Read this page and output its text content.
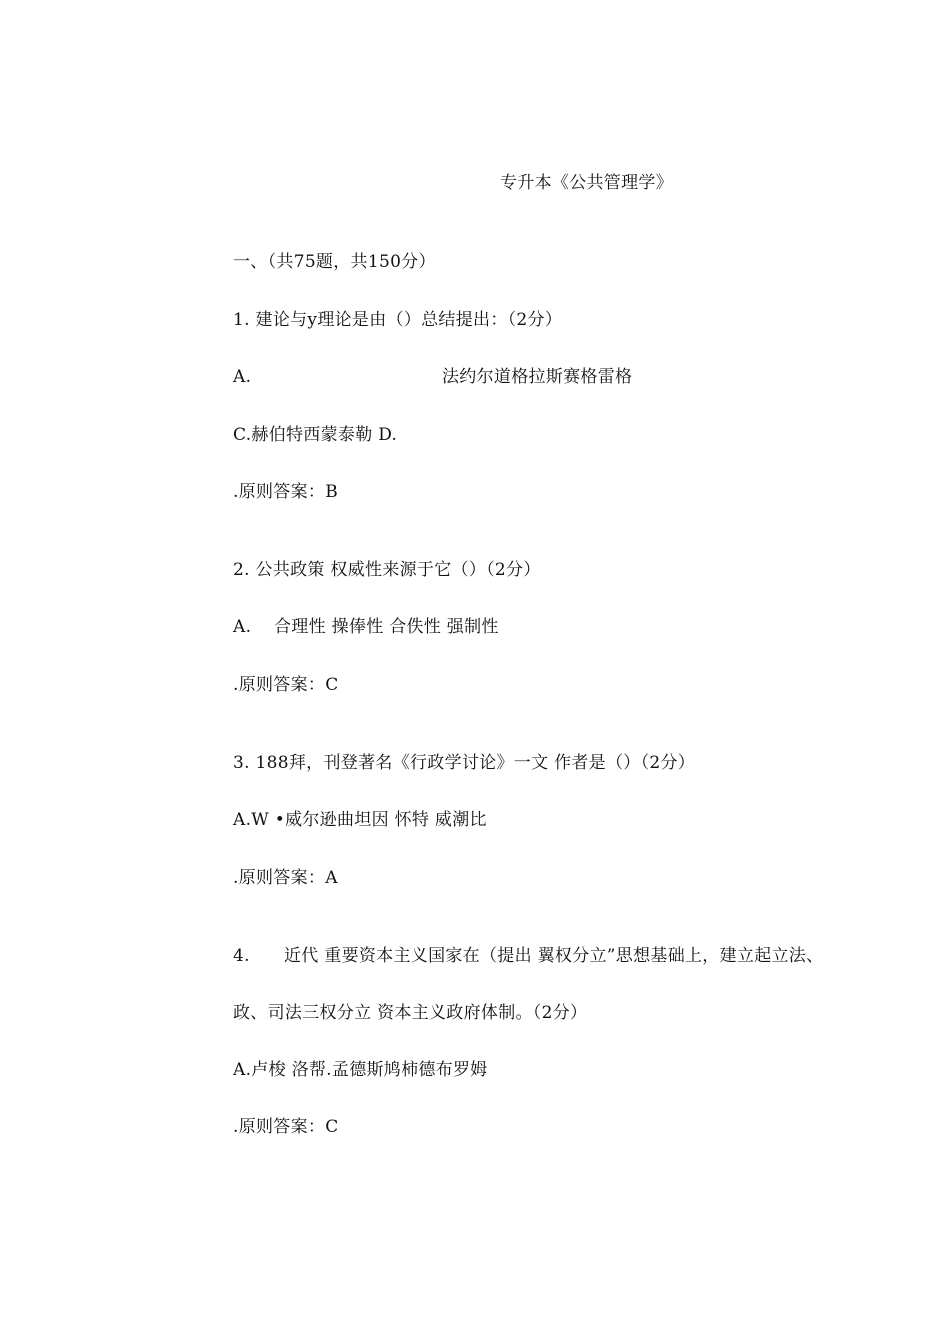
专升本《公共管理学》
一、（共75题，共150分）
1. 建论与y理论是由（）总结提出：（2分）
A.	法约尔道格拉斯赛格雷格
C.赫伯特西蒙泰勒 D.
.原则答案：B
2. 公共政策 权威性来源于它（）（2分）
A. 合理性 操俸性 合佚性 强制性
.原则答案：C
3. 188拜，刊登著名《行政学讨论》一文 作者是（）（2分）
A.W •威尔逊曲坦因 怀特 威潮比
.原则答案：A
4. 近代 重要资本主义国家在（提出 翼权分立”思想基础上，建立起立法、
政、司法三权分立 资本主义政府体制。（2分）
A.卢梭 洛帮.孟德斯鸠柿德布罗姆
.原则答案：C
